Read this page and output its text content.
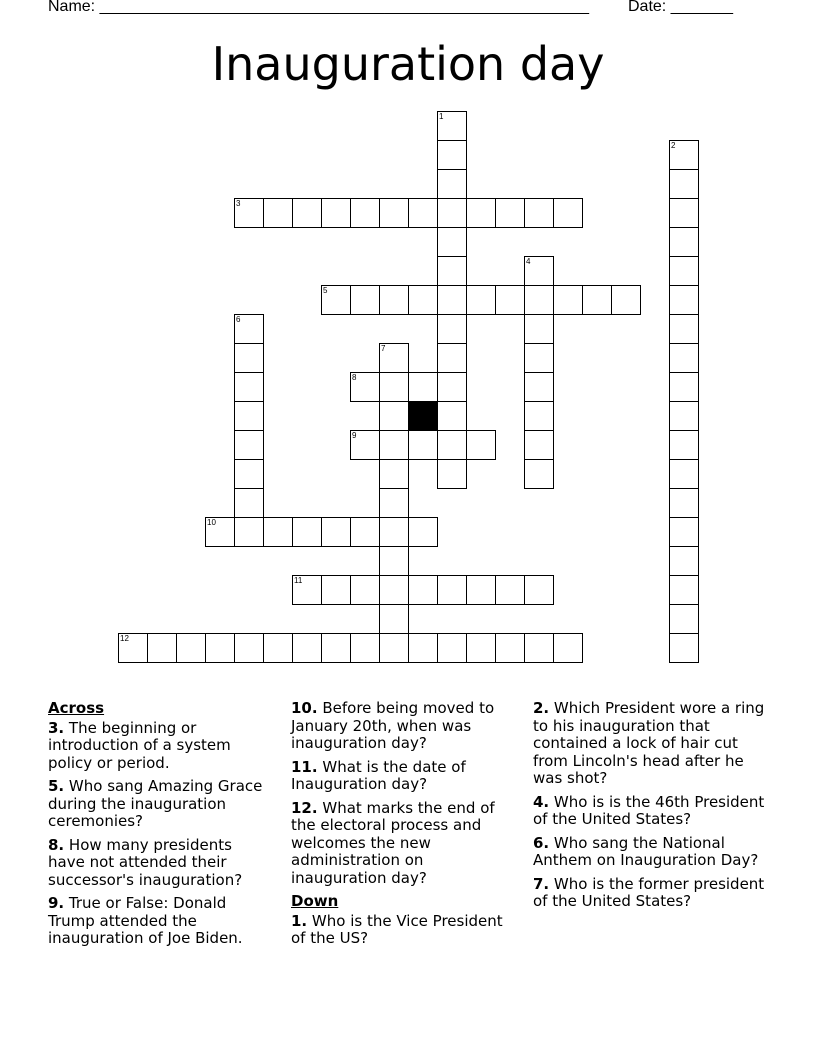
Name: _______________________________________________________ Date: _______
Inauguration day
1
2
3
4
5
6
7
8
9
10
11
12
Across
3. The beginning or introduction of a system policy or period.
5. Who sang Amazing Grace during the inauguration ceremonies?
8. How many presidents have not attended their successor's inauguration?
9. True or False: Donald Trump attended the inauguration of Joe Biden.
10. Before being moved to January 20th, when was inauguration day?
11. What is the date of Inauguration day?
12. What marks the end of the electoral process and welcomes the new administration on inauguration day?
Down
1. Who is the Vice President of the US?
2. Which President wore a ring to his inauguration that contained a lock of hair cut from Lincoln's head after he was shot?
4. Who is is the 46th President of the United States?
6. Who sang the National Anthem on Inauguration Day?
7. Who is the former president of the United States?
